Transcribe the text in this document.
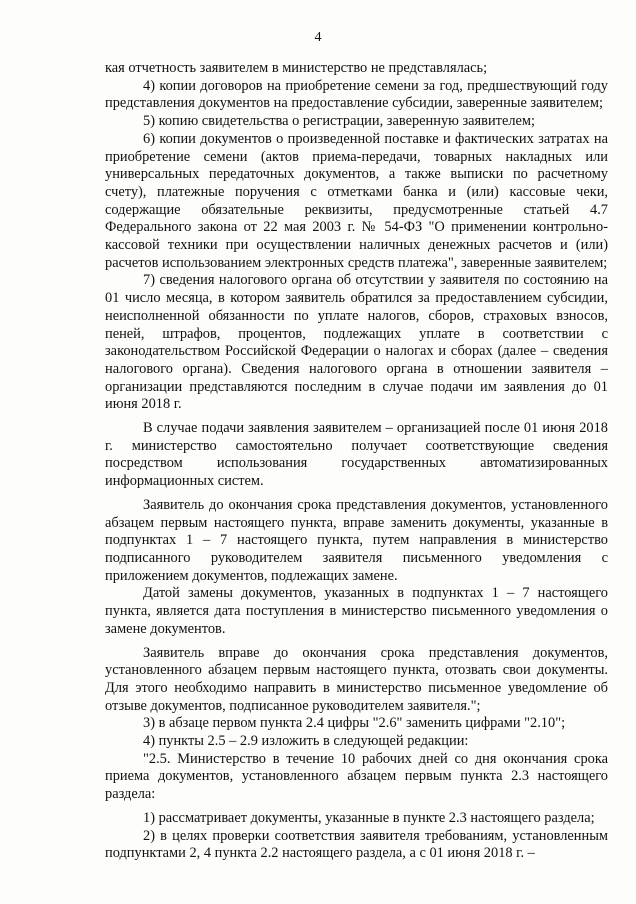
4

кая отчетность заявителем в министерство не представлялась;

4) копии договоров на приобретение семени за год, предшествующий году представления документов на предоставление субсидии, заверенные заявителем;

5) копию свидетельства о регистрации, заверенную заявителем;

6) копии документов о произведенной поставке и фактических затратах на приобретение семени (актов приема-передачи, товарных накладных или универсальных передаточных документов, а также выписки по расчетному счету), платежные поручения с отметками банка и (или) кассовые чеки, содержащие обязательные реквизиты, предусмотренные статьей 4.7 Федерального закона от 22 мая 2003 г. № 54-ФЗ "О применении контрольно-кассовой техники при осуществлении наличных денежных расчетов и (или) расчетов использованием электронных средств платежа", заверенные заявителем;

7) сведения налогового органа об отсутствии у заявителя по состоянию на 01 число месяца, в котором заявитель обратился за предоставлением субсидии, неисполненной обязанности по уплате налогов, сборов, страховых взносов, пеней, штрафов, процентов, подлежащих уплате в соответствии с законодательством Российской Федерации о налогах и сборах (далее – сведения налогового органа). Сведения налогового органа в отношении заявителя – организации представляются последним в случае подачи им заявления до 01 июня 2018 г.

В случае подачи заявления заявителем – организацией после 01 июня 2018 г. министерство самостоятельно получает соответствующие сведения посредством использования государственных автоматизированных информационных систем.

Заявитель до окончания срока представления документов, установленного абзацем первым настоящего пункта, вправе заменить документы, указанные в подпунктах 1 – 7 настоящего пункта, путем направления в министерство подписанного руководителем заявителя письменного уведомления с приложением документов, подлежащих замене.

Датой замены документов, указанных в подпунктах 1 – 7 настоящего пункта, является дата поступления в министерство письменного уведомления о замене документов.

Заявитель вправе до окончания срока представления документов, установленного абзацем первым настоящего пункта, отозвать свои документы. Для этого необходимо направить в министерство письменное уведомление об отзыве документов, подписанное руководителем заявителя.";

3) в абзаце первом пункта 2.4 цифры "2.6" заменить цифрами "2.10";

4) пункты 2.5 – 2.9 изложить в следующей редакции:

"2.5. Министерство в течение 10 рабочих дней со дня окончания срока приема документов, установленного абзацем первым пункта 2.3 настоящего раздела:

1) рассматривает документы, указанные в пункте 2.3 настоящего раздела;

2) в целях проверки соответствия заявителя требованиям, установленным подпунктами 2, 4 пункта 2.2 настоящего раздела, а с 01 июня 2018 г. –
